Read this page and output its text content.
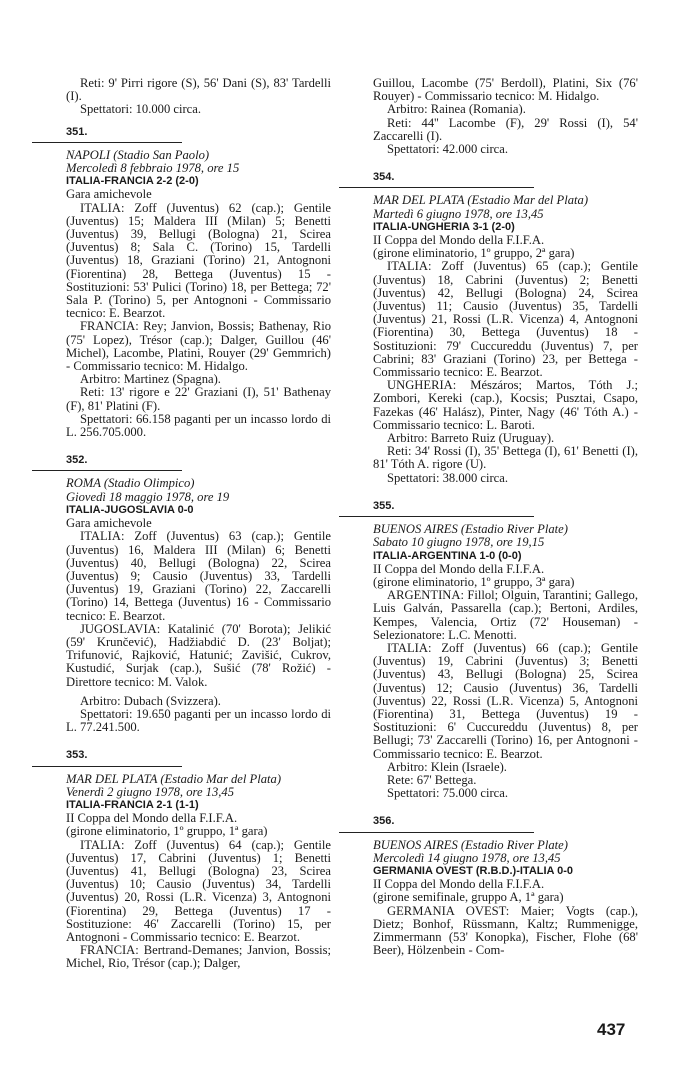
Reti: 9' Pirri rigore (S), 56' Dani (S), 83' Tardelli (I).

Spettatori: 10.000 circa.

351.

NAPOLI (Stadio San Paolo)

Mercoledì 8 febbraio 1978, ore 15

ITALIA-FRANCIA 2-2 (2-0)

Gara amichevole

ITALIA: Zoff (Juventus) 62 (cap.); Gentile (Juventus) 15; Maldera III (Milan) 5; Benetti (Juventus) 39, Bellugi (Bologna) 21, Scirea (Juventus) 8; Sala C. (Torino) 15, Tardelli (Juventus) 18, Graziani (Torino) 21, Antognoni (Fiorentina) 28, Bettega (Juventus) 15 - Sostituzioni: 53' Pulici (Torino) 18, per Bettega; 72' Sala P. (Torino) 5, per Antognoni - Commissario tecnico: E. Bearzot.

FRANCIA: Rey; Janvion, Bossis; Bathenay, Rio (75' Lopez), Trésor (cap.); Dalger, Guillou (46' Michel), Lacombe, Platini, Rouyer (29' Gemmrich) - Commissario tecnico: M. Hidalgo.

Arbitro: Martinez (Spagna).

Reti: 13' rigore e 22' Graziani (I), 51' Bathenay (F), 81' Platini (F).

Spettatori: 66.158 paganti per un incasso lordo di L. 256.705.000.

352.

ROMA (Stadio Olimpico)

Giovedì 18 maggio 1978, ore 19

ITALIA-JUGOSLAVIA 0-0

Gara amichevole

ITALIA: Zoff (Juventus) 63 (cap.); Gentile (Juventus) 16, Maldera III (Milan) 6; Benetti (Juventus) 40, Bellugi (Bologna) 22, Scirea (Juventus) 9; Causio (Juventus) 33, Tardelli (Juventus) 19, Graziani (Torino) 22, Zaccarelli (Torino) 14, Bettega (Juventus) 16 - Commissario tecnico: E. Bearzot.

JUGOSLAVIA: Katalinić (70' Borota); Jelikić (59' Krunčević), Hadžiabdić D. (23' Boljat); Trifunović, Rajković, Hatunić; Zavišić, Cukrov, Kustudić, Surjak (cap.), Sušić (78' Rožić) - Direttore tecnico: M. Valok.

Arbitro: Dubach (Svizzera).

Spettatori: 19.650 paganti per un incasso lordo di L. 77.241.500.

353.

MAR DEL PLATA (Estadio Mar del Plata)

Venerdì 2 giugno 1978, ore 13,45

ITALIA-FRANCIA 2-1 (1-1)

II Coppa del Mondo della F.I.F.A.

(girone eliminatorio, 1º gruppo, 1ª gara)

ITALIA: Zoff (Juventus) 64 (cap.); Gentile (Juventus) 17, Cabrini (Juventus) 1; Benetti (Juventus) 41, Bellugi (Bologna) 23, Scirea (Juventus) 10; Causio (Juventus) 34, Tardelli (Juventus) 20, Rossi (L.R. Vicenza) 3, Antognoni (Fiorentina) 29, Bettega (Juventus) 17 - Sostituzione: 46' Zaccarelli (Torino) 15, per Antognoni - Commissario tecnico: E. Bearzot.

FRANCIA: Bertrand-Demanes; Janvion, Bossis; Michel, Rio, Trésor (cap.); Dalger,

Guillou, Lacombe (75' Berdoll), Platini, Six (76' Rouyer) - Commissario tecnico: M. Hidalgo.

Arbitro: Rainea (Romania).

Reti: 44'' Lacombe (F), 29' Rossi (I), 54' Zaccarelli (I).

Spettatori: 42.000 circa.

354.

MAR DEL PLATA (Estadio Mar del Plata)

Martedì 6 giugno 1978, ore 13,45

ITALIA-UNGHERIA 3-1 (2-0)

II Coppa del Mondo della F.I.F.A.

(girone eliminatorio, 1º gruppo, 2ª gara)

ITALIA: Zoff (Juventus) 65 (cap.); Gentile (Juventus) 18, Cabrini (Juventus) 2; Benetti (Juventus) 42, Bellugi (Bologna) 24, Scirea (Juventus) 11; Causio (Juventus) 35, Tardelli (Juventus) 21, Rossi (L.R. Vicenza) 4, Antognoni (Fiorentina) 30, Bettega (Juventus) 18 - Sostituzioni: 79' Cuccureddu (Juventus) 7, per Cabrini; 83' Graziani (Torino) 23, per Bettega - Commissario tecnico: E. Bearzot.

UNGHERIA: Mészáros; Martos, Tóth J.; Zombori, Kereki (cap.), Kocsis; Pusztai, Csapo, Fazekas (46' Halász), Pinter, Nagy (46' Tóth A.) - Commissario tecnico: L. Baroti.

Arbitro: Barreto Ruiz (Uruguay).

Reti: 34' Rossi (I), 35' Bettega (I), 61' Benetti (I), 81' Tóth A. rigore (U).

Spettatori: 38.000 circa.

355.

BUENOS AIRES (Estadio River Plate)

Sabato 10 giugno 1978, ore 19,15

ITALIA-ARGENTINA 1-0 (0-0)

II Coppa del Mondo della F.I.F.A.

(girone eliminatorio, 1º gruppo, 3ª gara)

ARGENTINA: Fillol; Olguin, Tarantini; Gallego, Luis Galván, Passarella (cap.); Bertoni, Ardiles, Kempes, Valencia, Ortiz (72' Houseman) - Selezionatore: L.C. Menotti.

ITALIA: Zoff (Juventus) 66 (cap.); Gentile (Juventus) 19, Cabrini (Juventus) 3; Benetti (Juventus) 43, Bellugi (Bologna) 25, Scirea (Juventus) 12; Causio (Juventus) 36, Tardelli (Juventus) 22, Rossi (L.R. Vicenza) 5, Antognoni (Fiorentina) 31, Bettega (Juventus) 19 - Sostituzioni: 6' Cuccureddu (Juventus) 8, per Bellugi; 73' Zaccarelli (Torino) 16, per Antognoni - Commissario tecnico: E. Bearzot.

Arbitro: Klein (Israele).

Rete: 67' Bettega.

Spettatori: 75.000 circa.

356.

BUENOS AIRES (Estadio River Plate)

Mercoledì 14 giugno 1978, ore 13,45

GERMANIA OVEST (R.B.D.)-ITALIA 0-0

II Coppa del Mondo della F.I.F.A.

(girone semifinale, gruppo A, 1ª gara)

GERMANIA OVEST: Maier; Vogts (cap.), Dietz; Bonhof, Rüssmann, Kaltz; Rummenigge, Zimmermann (53' Konopka), Fischer, Flohe (68' Beer), Hölzenbein - Com-

437
